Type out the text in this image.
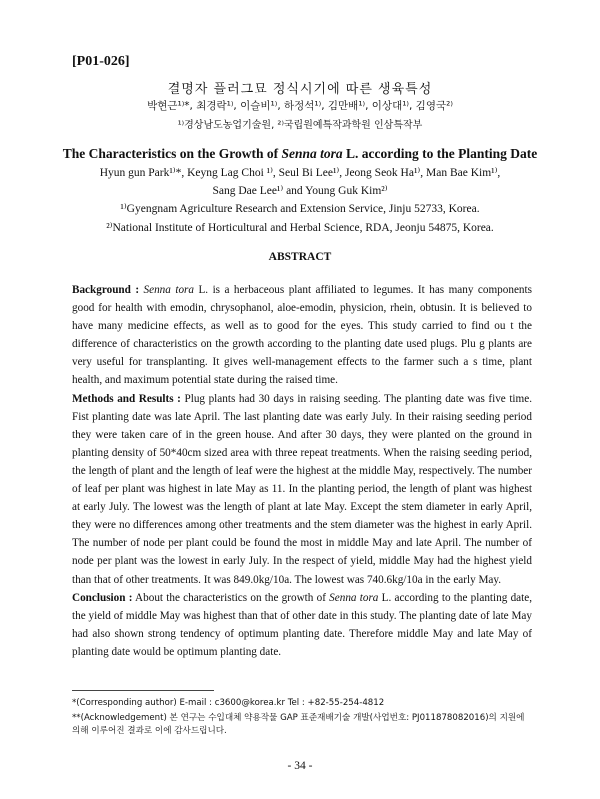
[P01-026]
결명자 플러그묘 정식시기에 따른 생육특성
박현근¹⁾*, 최경락¹⁾, 이슬비¹⁾, 하정석¹⁾, 김만배¹⁾, 이상대¹⁾, 김영국²⁾
¹⁾경상남도농업기술원, ²⁾국립원예특작과학원 인삼특작부
The Characteristics on the Growth of Senna tora L. according to the Planting Date
Hyun gun Park¹⁾*, Keyng Lag Choi ¹⁾, Seul Bi Lee¹⁾, Jeong Seok Ha¹⁾, Man Bae Kim¹⁾,
Sang Dae Lee¹⁾ and Young Guk Kim²⁾
¹⁾Gyengnam Agriculture Research and Extension Service, Jinju 52733, Korea.
²⁾National Institute of Horticultural and Herbal Science, RDA, Jeonju 54875, Korea.
ABSTRACT

Background : Senna tora L. is a herbaceous plant affiliated to legumes. It has many components good for health with emodin, chrysophanol, aloe-emodin, physicion, rhein, obtusin. It is believed to have many medicine effects, as well as to good for the eyes. This study carried to find ou t the difference of characteristics on the growth according to the planting date used plugs. Plu g plants are very useful for transplanting. It gives well-management effects to the farmer such a s time, plant health, and maximum potential state during the raised time.

Methods and Results : Plug plants had 30 days in raising seeding. The planting date was five time. Fist planting date was late April. The last planting date was early July. In their raising seeding period they were taken care of in the green house. And after 30 days, they were planted on the ground in planting density of 50*40cm sized area with three repeat treatments. When the raising seeding period, the length of plant and the length of leaf were the highest at the middle May, respectively. The number of leaf per plant was highest in late May as 11. In the planting period, the length of plant was highest at early July. The lowest was the length of plant at late May. Except the stem diameter in early April, they were no differences among other treatments and the stem diameter was the highest in early April. The number of node per plant could be found the most in middle May and late April. The number of node per plant was the lowest in early July. In the respect of yield, middle May had the highest yield than that of other treatments. It was 849.0kg/10a. The lowest was 740.6kg/10a in the early May.

Conclusion : About the characteristics on the growth of Senna tora L. according to the planting date, the yield of middle May was highest than that of other date in this study. The planting date of late May had also shown strong tendency of optimum planting date. Therefore middle May and late May of planting date would be optimum planting date.

*(Corresponding author) E-mail : c3600@korea.kr Tel : +82-55-254-4812
**(Acknowledgement) 본 연구는 수입대체 약용작물 GAP 표준재배기술 개발(사업번호: PJ011878082016)의 지원에 의해 이루어진 결과로 이에 감사드립니다.
- 34 -
